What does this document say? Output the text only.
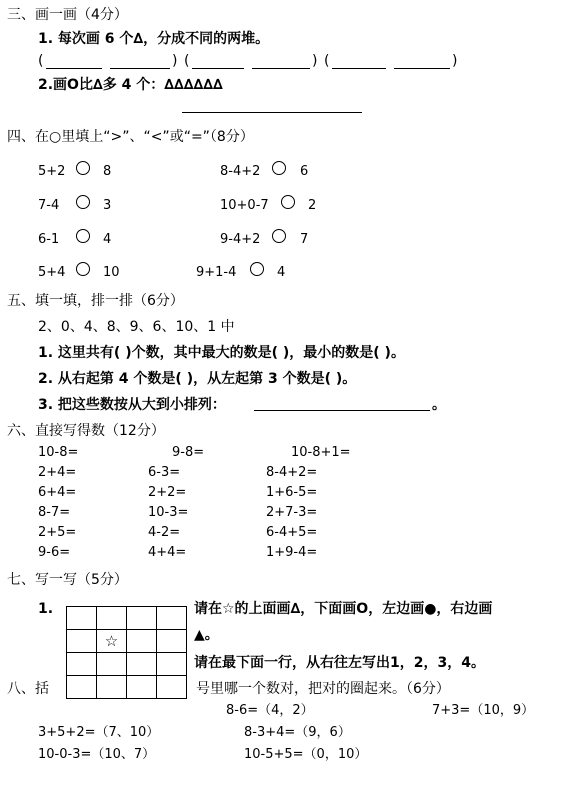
三、画一画（4分）
1. 每次画 6 个∆，分成不同的两堆。
(	) (	) (	)
2.画O比∆多 4 个：∆∆∆∆∆∆
四、在○里填上“>”、“<”或“=”（8分）
5+2	8	8-4+2	6
7-4	3	10+0-7	2
6-1	4	9-4+2	7
5+4	10	9+1-4	4
五、填一填，排一排（6分）
2、0、4、8、9、6、10、1 中
1. 这里共有( )个数，其中最大的数是( )，最小的数是( )。
2. 从右起第 4 个数是( )，从左起第 3 个数是( )。
3. 把这些数按从大到小排列：	。
六、直接写得数（12分）
10-8=	9-8=	10-8+1=
2+4=	6-3=	8-4+2=
6+4=	2+2=	1+6-5=
8-7=	10-3=	2+7-3=
2+5=	4-2=	6-4+5=
9-6=	4+4=	1+9-4=
七、写一写（5分）
1.

	☆		

请在☆的上面画∆，下面画O，左边画●，右边画
▲。
请在最下面一行，从右往左写出1，2，3，4。
八、括	号里哪一个数对，把对的圈起来。（6分）
8-6=（4，2）	7+3=（10，9）
3+5+2=（7、10）	8-3+4=（9，6）
10-0-3=（10、7）	10-5+5=（0，10）
